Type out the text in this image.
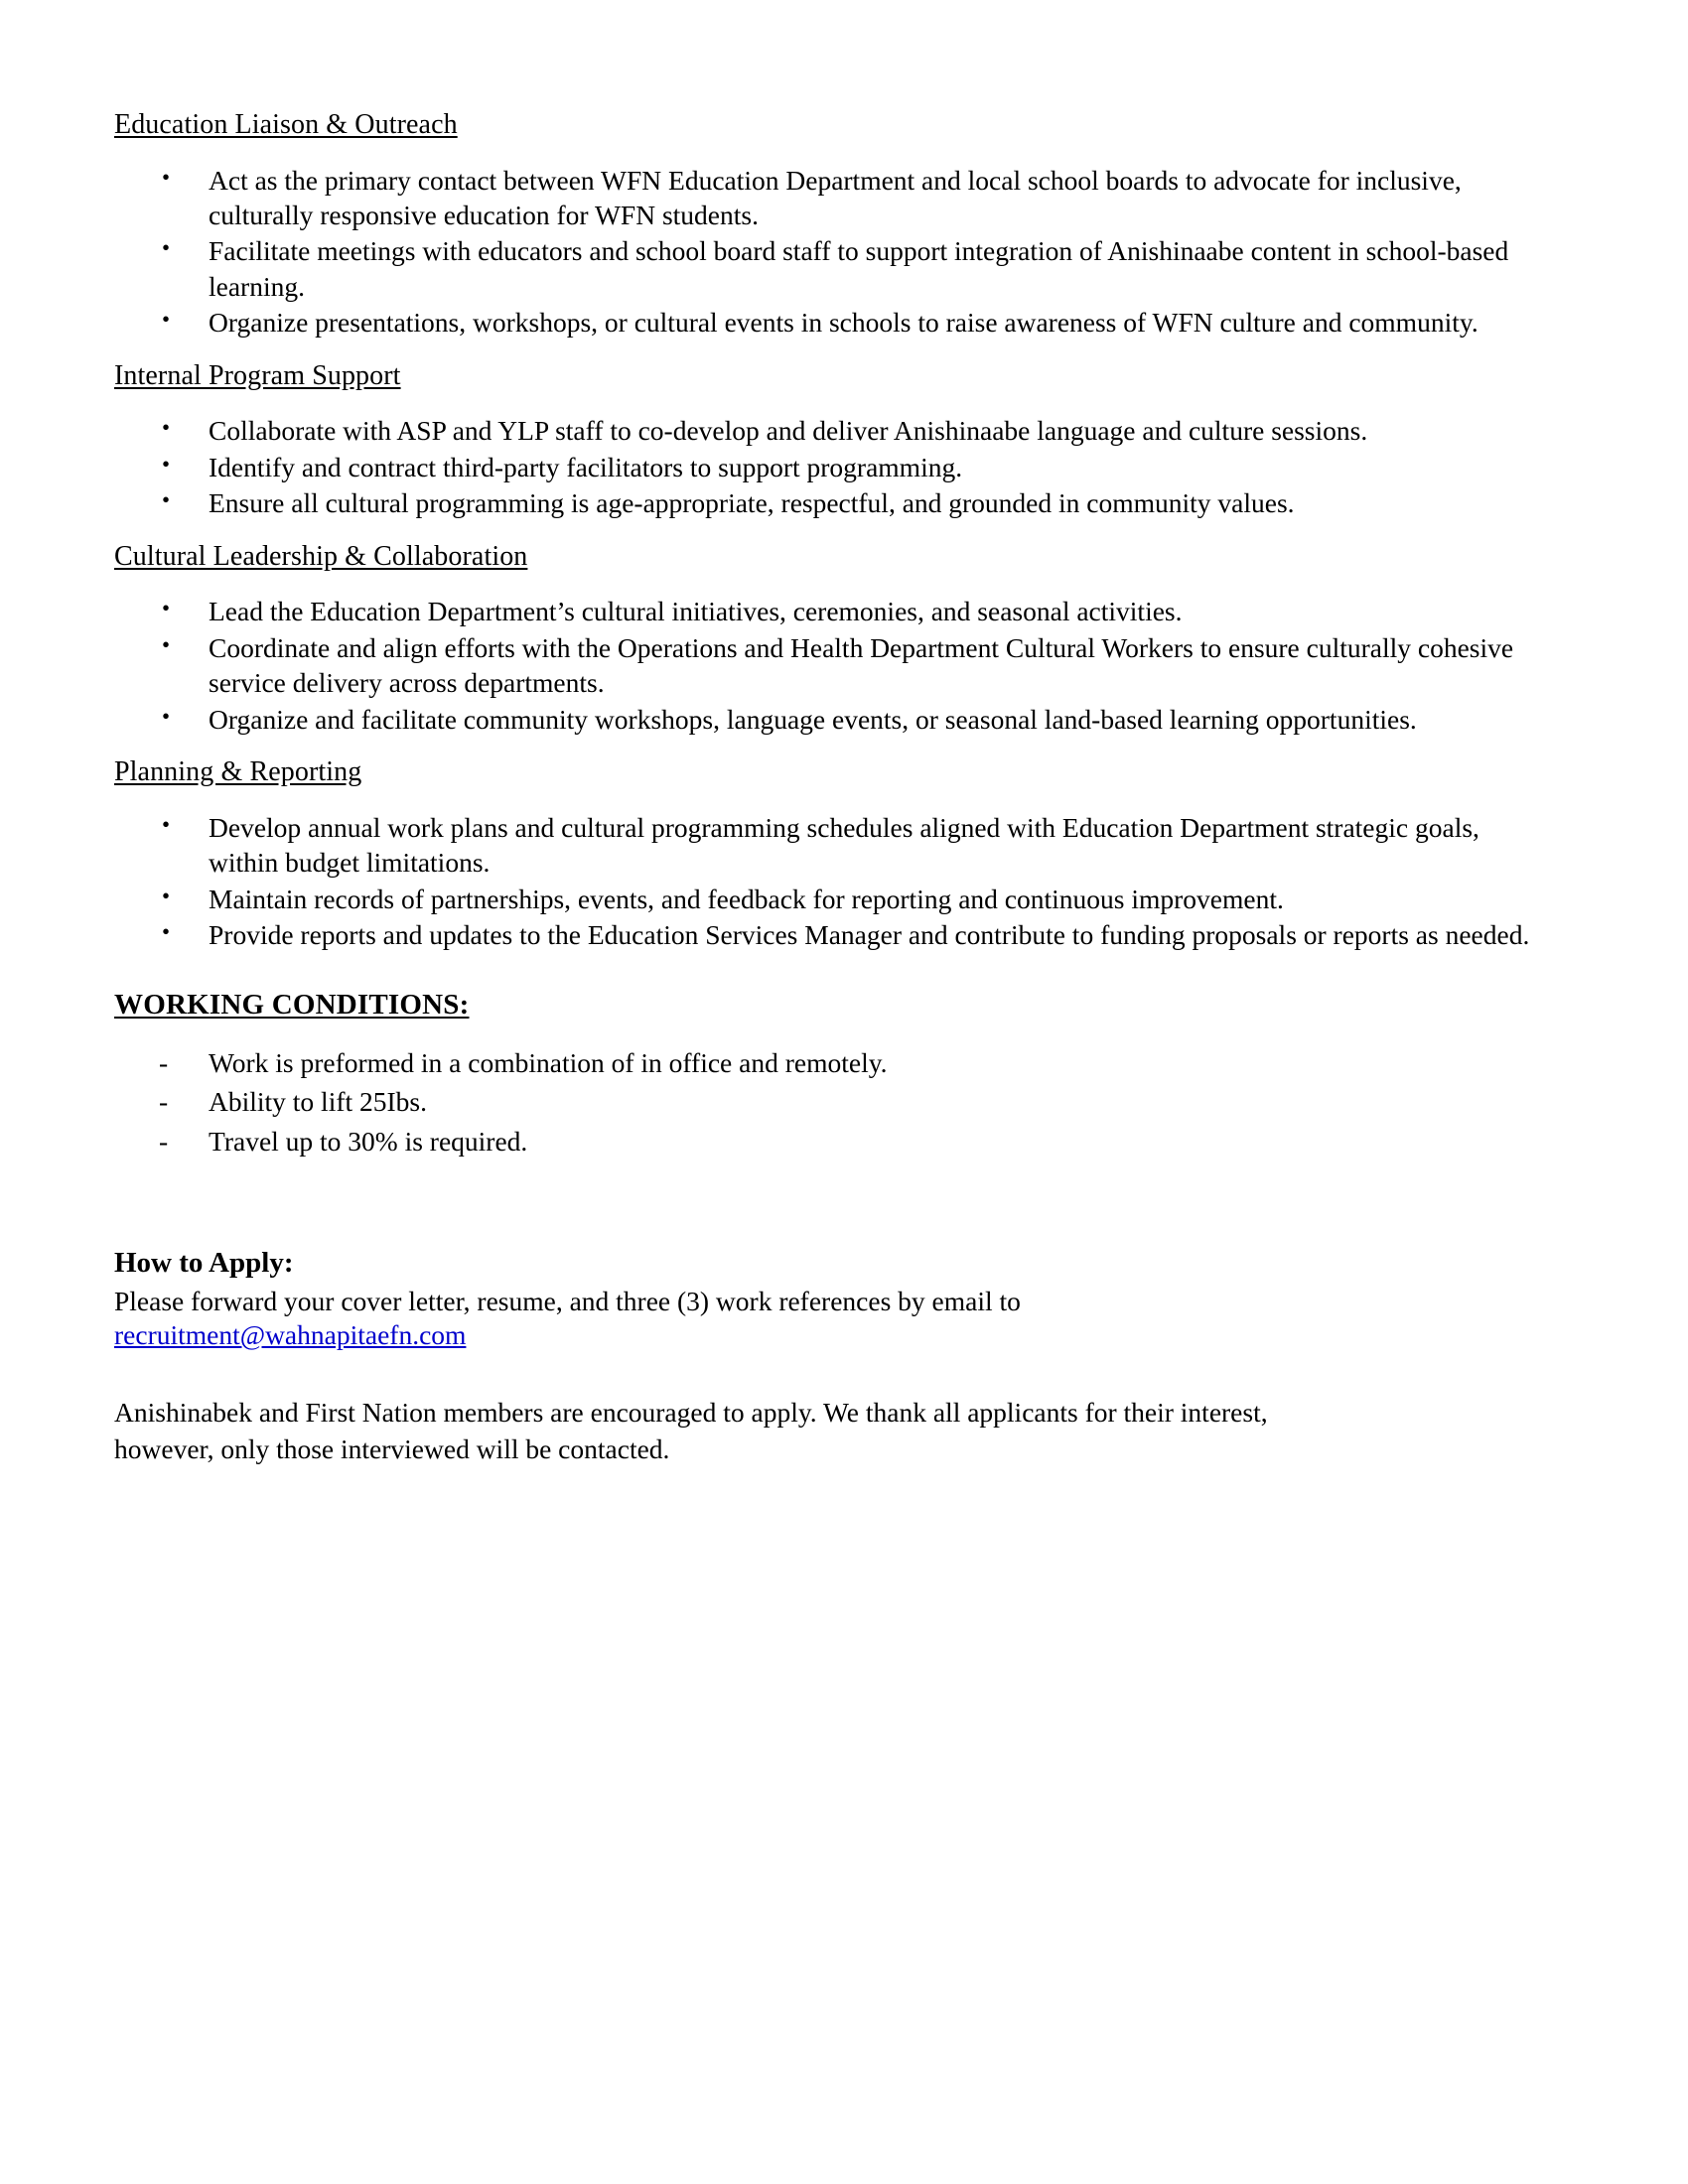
Education Liaison & Outreach
• Act as the primary contact between WFN Education Department and local school boards to advocate for inclusive, culturally responsive education for WFN students.
• Facilitate meetings with educators and school board staff to support integration of Anishinaabe content in school-based learning.
• Organize presentations, workshops, or cultural events in schools to raise awareness of WFN culture and community.
Internal Program Support
• Collaborate with ASP and YLP staff to co-develop and deliver Anishinaabe language and culture sessions.
• Identify and contract third-party facilitators to support programming.
• Ensure all cultural programming is age-appropriate, respectful, and grounded in community values.
Cultural Leadership & Collaboration
• Lead the Education Department’s cultural initiatives, ceremonies, and seasonal activities.
• Coordinate and align efforts with the Operations and Health Department Cultural Workers to ensure culturally cohesive service delivery across departments.
• Organize and facilitate community workshops, language events, or seasonal land-based learning opportunities.
Planning & Reporting
• Develop annual work plans and cultural programming schedules aligned with Education Department strategic goals, within budget limitations.
• Maintain records of partnerships, events, and feedback for reporting and continuous improvement.
• Provide reports and updates to the Education Services Manager and contribute to funding proposals or reports as needed.
WORKING CONDITIONS:
- Work is preformed in a combination of in office and remotely.
- Ability to lift 25Ibs.
- Travel up to 30% is required.
How to Apply:
Please forward your cover letter, resume, and three (3) work references by email to
recruitment@wahnapitaefn.com
Anishinabek and First Nation members are encouraged to apply. We thank all applicants for their interest,
however, only those interviewed will be contacted.
